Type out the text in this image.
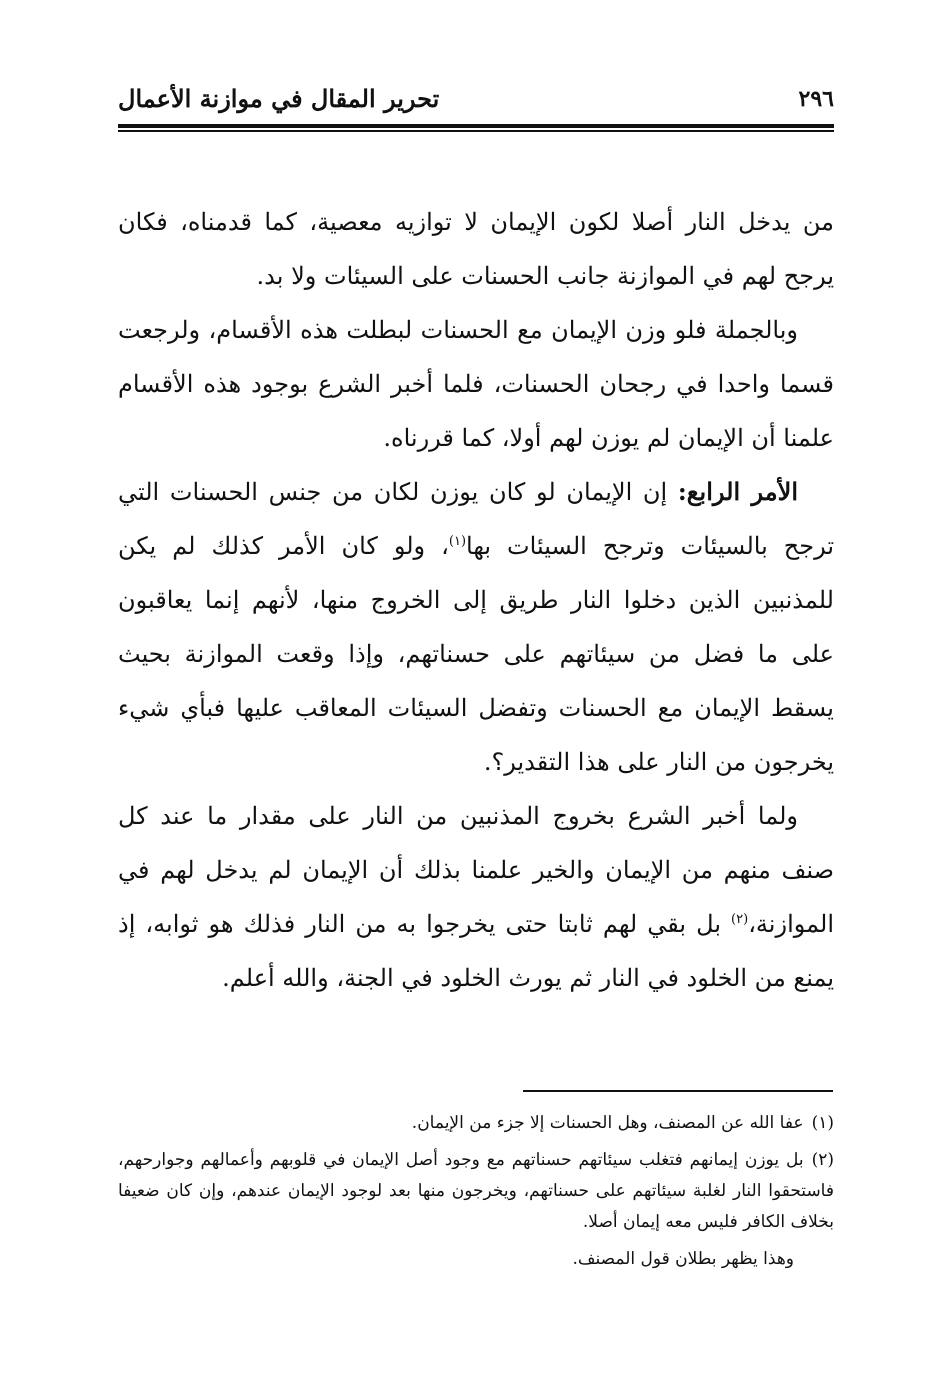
٢٩٦
تحرير المقال في موازنة الأعمال

من يدخل النار أصلا لكون الإيمان لا توازيه معصية، كما قدمناه، فكان يرجح لهم في الموازنة جانب الحسنات على السيئات ولا بد.

وبالجملة فلو وزن الإيمان مع الحسنات لبطلت هذه الأقسام، ولرجعت قسما واحدا في رجحان الحسنات، فلما أخبر الشرع بوجود هذه الأقسام علمنا أن الإيمان لم يوزن لهم أولا، كما قررناه.

الأمر الرابع: إن الإيمان لو كان يوزن لكان من جنس الحسنات التي ترجح بالسيئات وترجح السيئات بها$^{(١)}$، ولو كان الأمر كذلك لم يكن للمذنبين الذين دخلوا النار طريق إلى الخروج منها، لأنهم إنما يعاقبون على ما فضل من سيئاتهم على حسناتهم، وإذا وقعت الموازنة بحيث يسقط الإيمان مع الحسنات وتفضل السيئات المعاقب عليها فبأي شيء يخرجون من النار على هذا التقدير؟.

ولما أخبر الشرع بخروج المذنبين من النار على مقدار ما عند كل صنف منهم من الإيمان والخير علمنا بذلك أن الإيمان لم يدخل لهم في الموازنة،$^{(٢)}$ بل بقي لهم ثابتا حتى يخرجوا به من النار فذلك هو ثوابه، إذ يمنع من الخلود في النار ثم يورث الخلود في الجنة، والله أعلم.

(١)عفا الله عن المصنف، وهل الحسنات إلا جزء من الإيمان.

(٢)بل يوزن إيمانهم فتغلب سيئاتهم حسناتهم مع وجود أصل الإيمان في قلوبهم وأعمالهم وجوارحهم، فاستحقوا النار لغلبة سيئاتهم على حسناتهم، ويخرجون منها بعد لوجود الإيمان عندهم، وإن كان ضعيفا بخلاف الكافر فليس معه إيمان أصلا.

وهذا يظهر بطلان قول المصنف.
